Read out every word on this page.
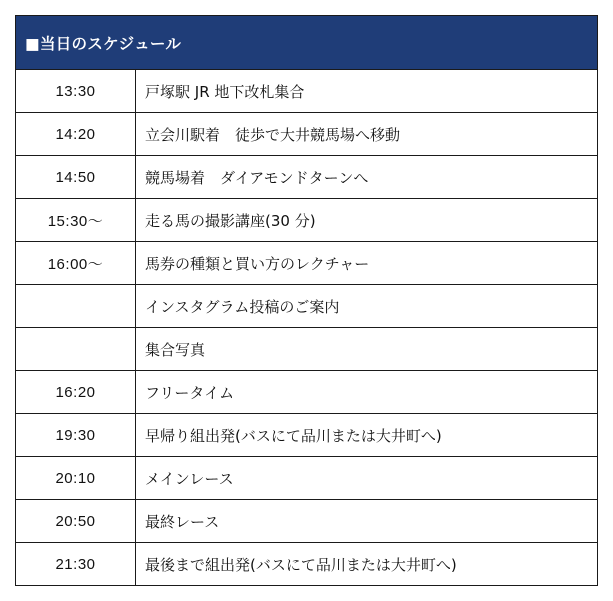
■当日のスケジュール	
13:30	戸塚駅 JR 地下改札集合
14:20	立会川駅着　徒歩で大井競馬場へ移動
14:50	競馬場着　ダイアモンドターンへ
15:30～	走る馬の撮影講座(30 分)
16:00～	馬券の種類と買い方のレクチャー
	インスタグラム投稿のご案内
	集合写真
16:20	フリータイム
19:30	早帰り組出発(バスにて品川または大井町へ)
20:10	メインレース
20:50	最終レース
21:30	最後まで組出発(バスにて品川または大井町へ)
